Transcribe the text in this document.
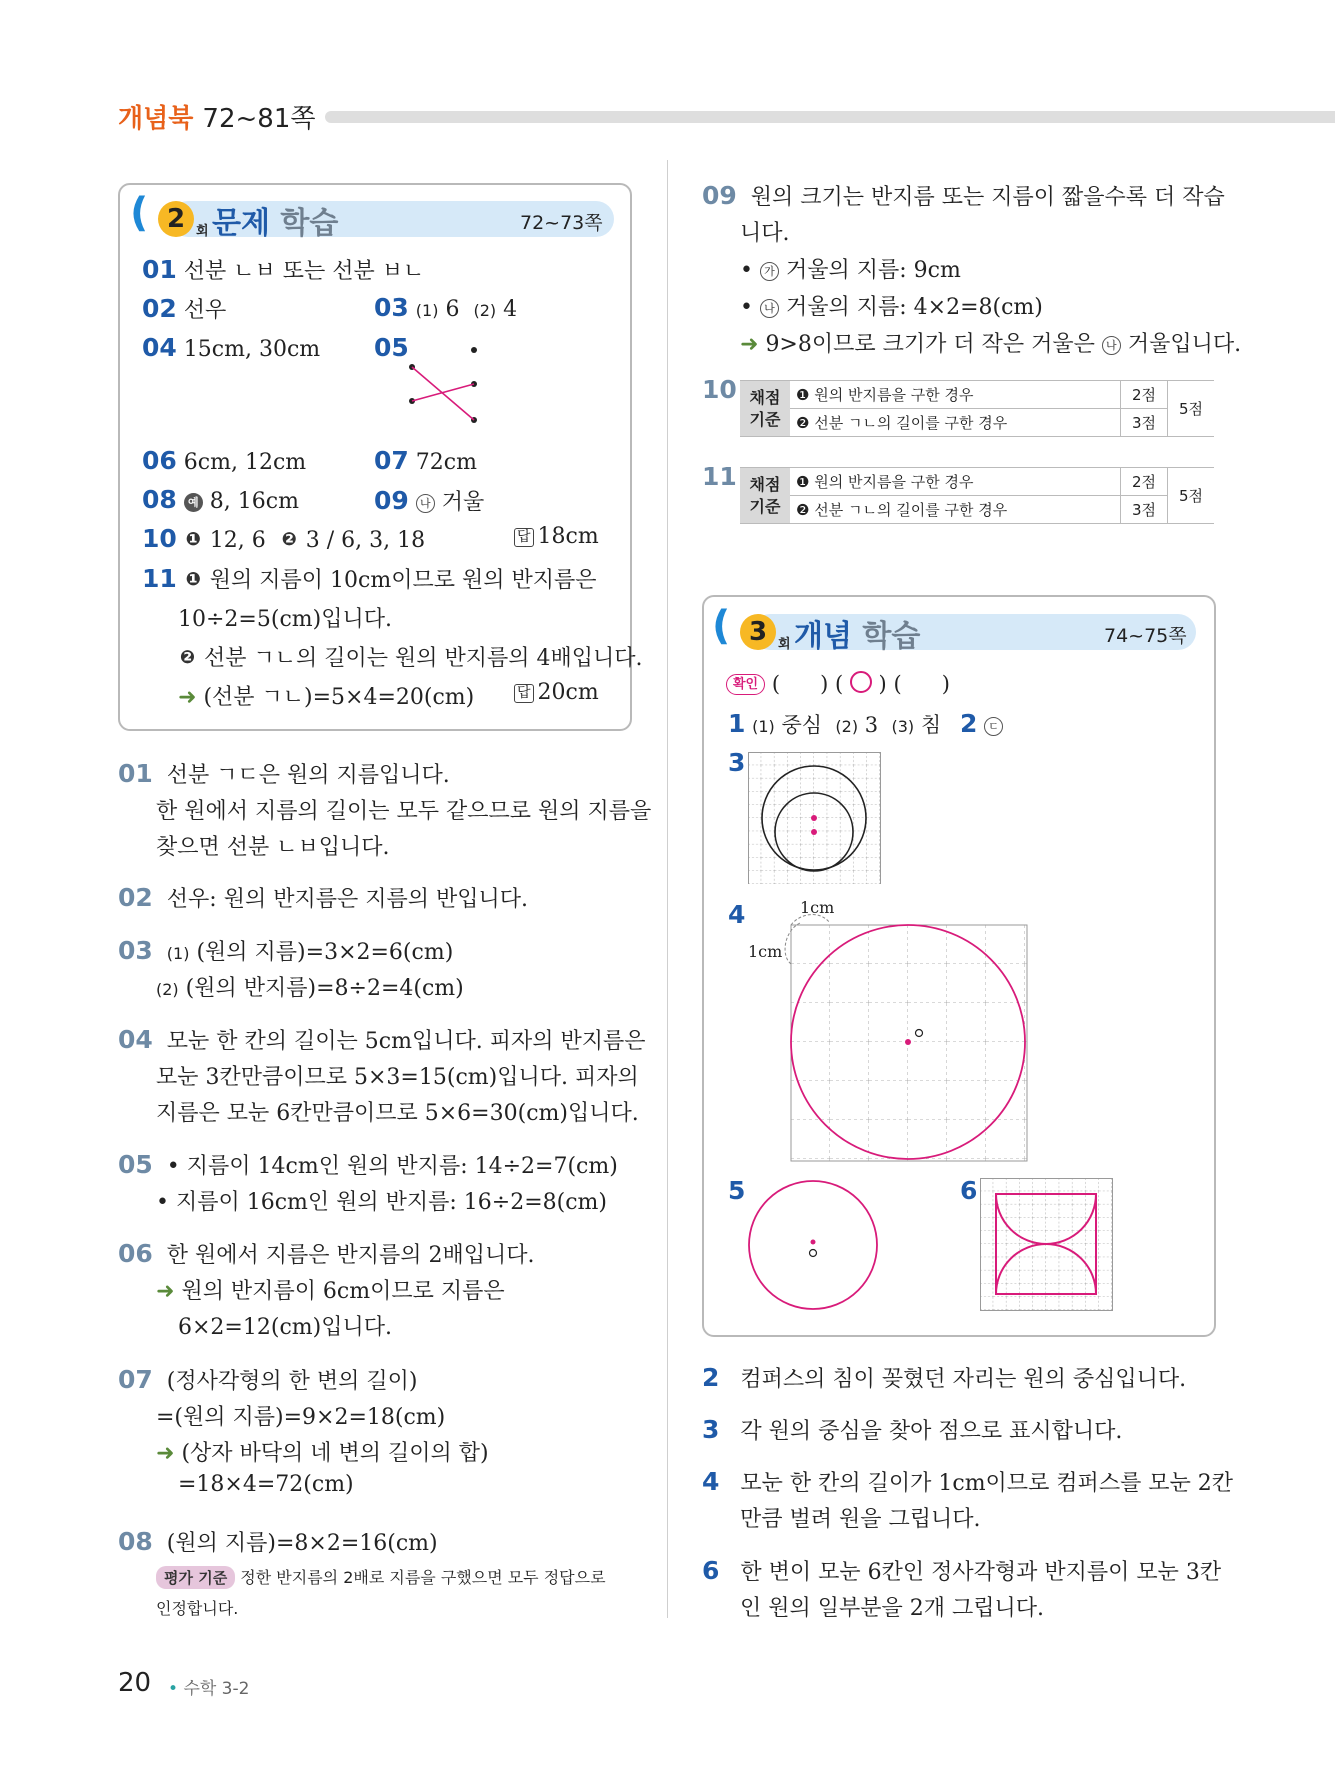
개념북 72~81쪽
( 2 회 문제 학습	72~73쪽
01 선분 ㄴㅂ 또는 선분 ㅂㄴ
02 선우	03 (1) 6 (2) 4
04 15cm, 30cm 05
06 6cm, 12cm	07 72cm
08 예 8, 16cm	09 나 거울
10 ❶ 12, 6 ❷ 3 / 6, 3, 18	답 18cm
11 ❶ 원의 지름이 10cm이므로 원의 반지름은
10÷2=5(cm)입니다.
❷ 선분 ㄱㄴ의 길이는 원의 반지름의 4배입니다.
➜ (선분 ㄱㄴ)=5×4=20(cm)	답 20cm
01 선분 ㄱㄷ은 원의 지름입니다.
한 원에서 지름의 길이는 모두 같으므로 원의 지름을
찾으면 선분 ㄴㅂ입니다.
02 선우: 원의 반지름은 지름의 반입니다.
03 (1) (원의 지름)=3×2=6(cm)
(2) (원의 반지름)=8÷2=4(cm)
04 모눈 한 칸의 길이는 5cm입니다. 피자의 반지름은
모눈 3칸만큼이므로 5×3=15(cm)입니다. 피자의
지름은 모눈 6칸만큼이므로 5×6=30(cm)입니다.
05 • 지름이 14cm인 원의 반지름: 14÷2=7(cm)
• 지름이 16cm인 원의 반지름: 16÷2=8(cm)
06 한 원에서 지름은 반지름의 2배입니다.
➜ 원의 반지름이 6cm이므로 지름은
6×2=12(cm)입니다.
07 (정사각형의 한 변의 길이)
=(원의 지름)=9×2=18(cm)
➜ (상자 바닥의 네 변의 길이의 합)
=18×4=72(cm)
08 (원의 지름)=8×2=16(cm)
평가 기준 정한 반지름의 2배로 지름을 구했으면 모두 정답으로
인정합니다.
09 원의 크기는 반지름 또는 지름이 짧을수록 더 작습
니다.
• 가 거울의 지름: 9cm
• 나 거울의 지름: 4×2=8(cm)
➜ 9>8이므로 크기가 더 작은 거울은 나 거울입니다.
10 채점
기준	❶ 원의 반지름을 구한 경우	2점	5점
	❷ 선분 ㄱㄴ의 길이를 구한 경우	3점	
11 채점
기준	❶ 원의 반지름을 구한 경우	2점	5점
	❷ 선분 ㄱㄴ의 길이를 구한 경우	3점	
( 3 회 개념 학습	74~75쪽
확인 ( ) ( ) ( )
1 (1) 중심 (2) 3 (3) 침 2 ㄷ
3
4	1cm
1cm
5	6
2 컴퍼스의 침이 꽂혔던 자리는 원의 중심입니다.
3 각 원의 중심을 찾아 점으로 표시합니다.
4 모눈 한 칸의 길이가 1cm이므로 컴퍼스를 모눈 2칸
만큼 벌려 원을 그립니다.
6 한 변이 모눈 6칸인 정사각형과 반지름이 모눈 3칸
인 원의 일부분을 2개 그립니다.
20 • 수학 3-2
